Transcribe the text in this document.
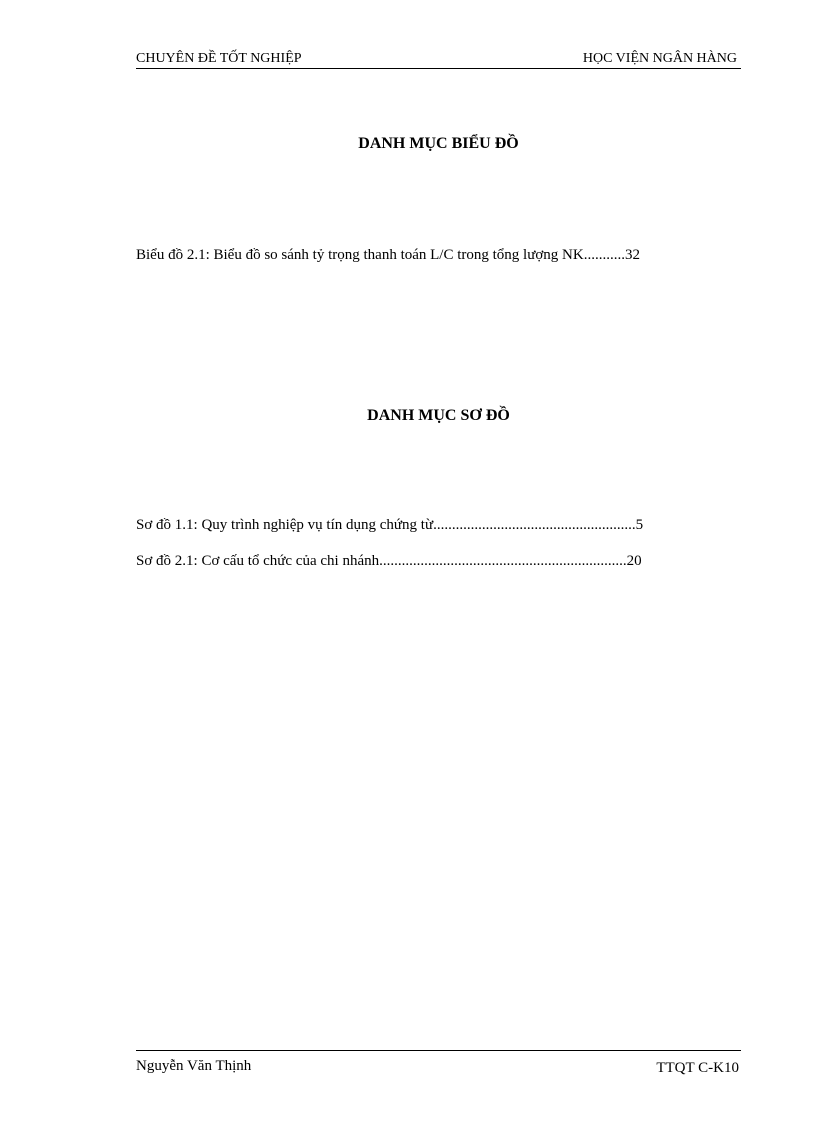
CHUYÊN ĐỀ TỐT NGHIỆP	HỌC VIỆN NGÂN HÀNG
DANH MỤC BIỂU ĐỒ
Biểu đồ 2.1: Biểu đồ so sánh tỷ trọng thanh toán L/C trong tổng lượng NK...........32
DANH MỤC SƠ ĐỒ
Sơ đồ 1.1: Quy trình nghiệp vụ tín dụng chứng từ......................................................5
Sơ đồ 2.1: Cơ cấu tổ chức của chi nhánh..................................................................20
Nguyễn Văn Thịnh	TTQT C-K10
